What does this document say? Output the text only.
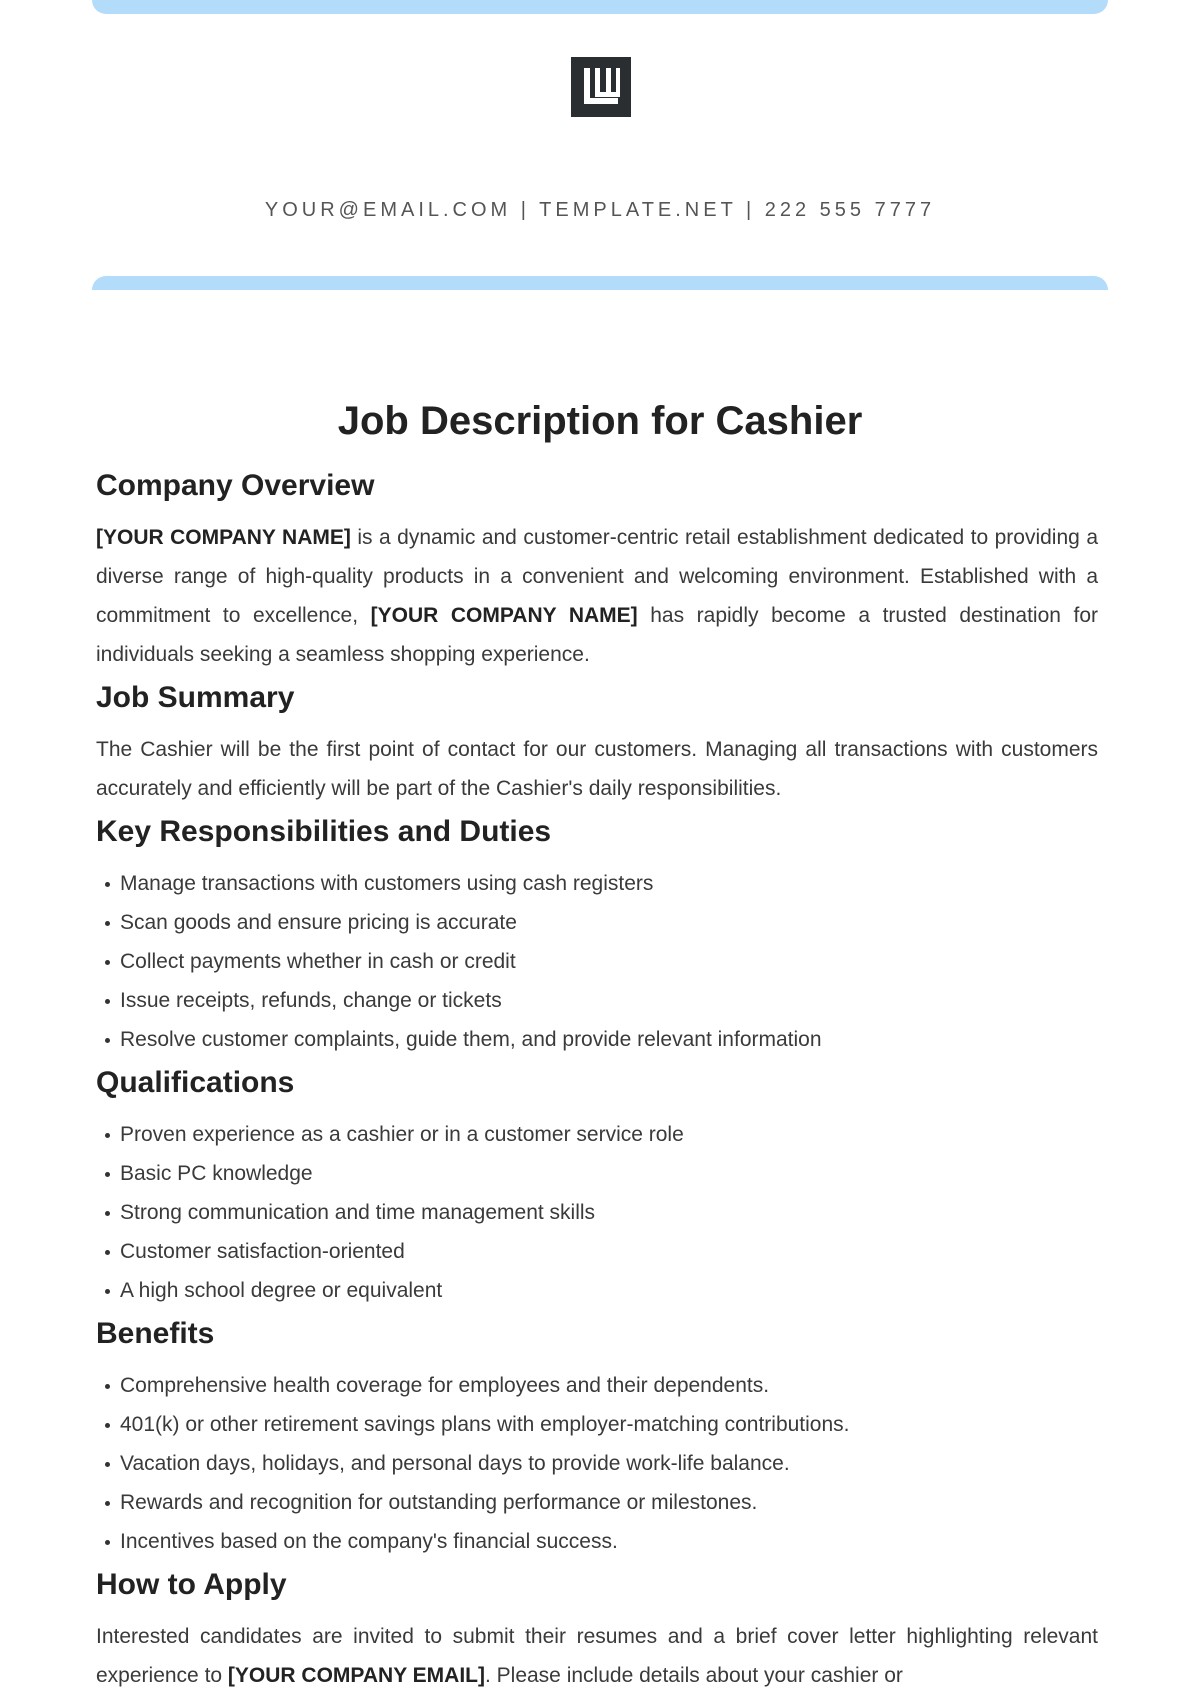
YOUR@EMAIL.COM | TEMPLATE.NET | 222 555 7777
Job Description for Cashier
Company Overview

[YOUR COMPANY NAME] is a dynamic and customer-centric retail establishment dedicated to providing a diverse range of high-quality products in a convenient and welcoming environment. Established with a commitment to excellence, [YOUR COMPANY NAME] has rapidly become a trusted destination for individuals seeking a seamless shopping experience.

Job Summary

The Cashier will be the first point of contact for our customers. Managing all transactions with customers accurately and efficiently will be part of the Cashier's daily responsibilities.

Key Responsibilities and Duties
Manage transactions with customers using cash registers
Scan goods and ensure pricing is accurate
Collect payments whether in cash or credit
Issue receipts, refunds, change or tickets
Resolve customer complaints, guide them, and provide relevant information
Qualifications
Proven experience as a cashier or in a customer service role
Basic PC knowledge
Strong communication and time management skills
Customer satisfaction-oriented
A high school degree or equivalent
Benefits
Comprehensive health coverage for employees and their dependents.
401(k) or other retirement savings plans with employer-matching contributions.
Vacation days, holidays, and personal days to provide work-life balance.
Rewards and recognition for outstanding performance or milestones.
Incentives based on the company's financial success.
How to Apply

Interested candidates are invited to submit their resumes and a brief cover letter highlighting relevant experience to [YOUR COMPANY EMAIL]. Please include details about your cashier or
